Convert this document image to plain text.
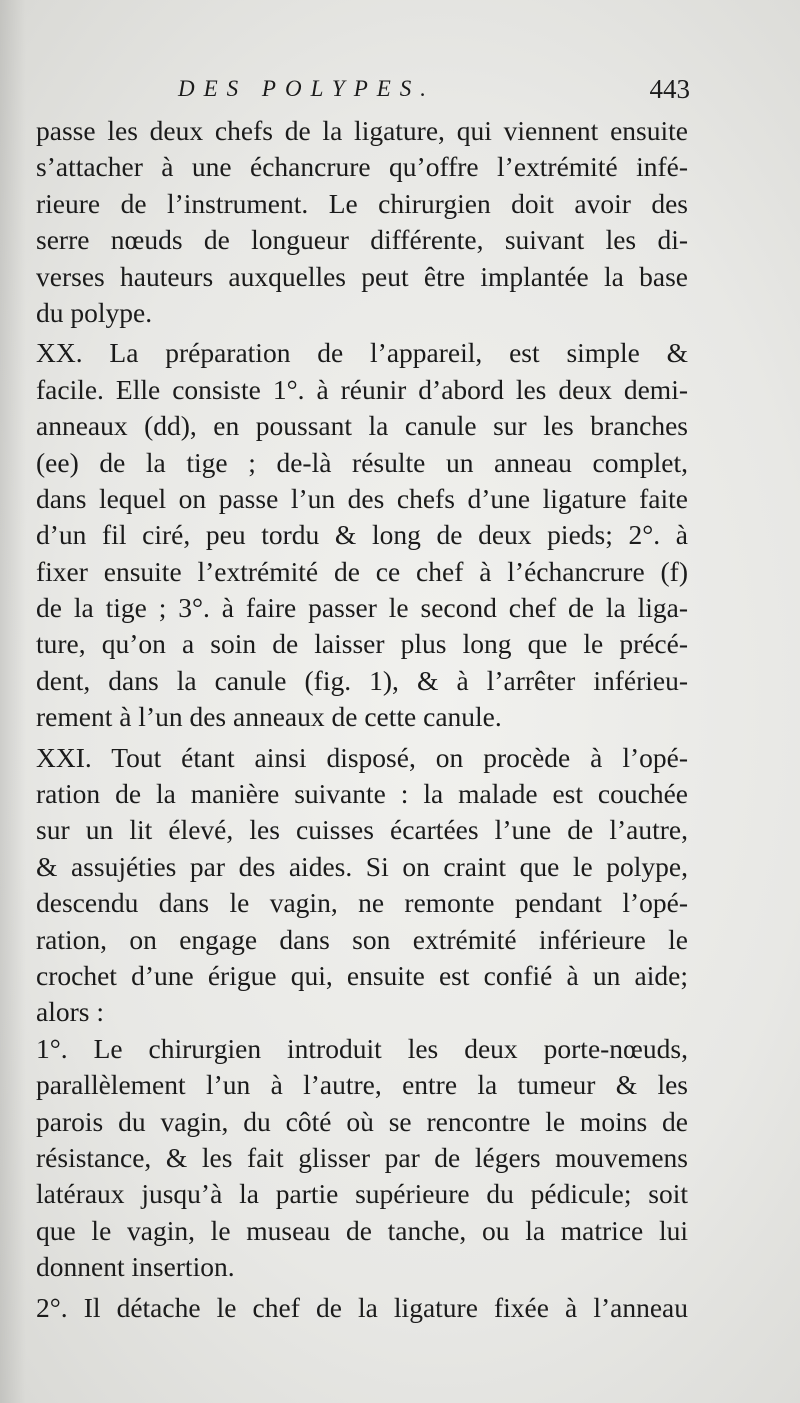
DES POLYPES.	443
passe les deux chefs de la ligature, qui viennent ensuite
s’attacher à une échancrure qu’offre l’extrémité infé-
rieure de l’instrument. Le chirurgien doit avoir des
serre nœuds de longueur différente, suivant les di-
verses hauteurs auxquelles peut être implantée la base
du polype.
XX. La préparation de l’appareil, est simple &
facile. Elle consiste 1°. à réunir d’abord les deux demi-
anneaux (dd), en poussant la canule sur les branches
(ee) de la tige ; de-là résulte un anneau complet,
dans lequel on passe l’un des chefs d’une ligature faite
d’un fil ciré, peu tordu & long de deux pieds; 2°. à
fixer ensuite l’extrémité de ce chef à l’échancrure (f)
de la tige ; 3°. à faire passer le second chef de la liga-
ture, qu’on a soin de laisser plus long que le précé-
dent, dans la canule (fig. 1), & à l’arrêter inférieu-
rement à l’un des anneaux de cette canule.
XXI. Tout étant ainsi disposé, on procède à l’opé-
ration de la manière suivante : la malade est couchée
sur un lit élevé, les cuisses écartées l’une de l’autre,
& assujéties par des aides. Si on craint que le polype,
descendu dans le vagin, ne remonte pendant l’opé-
ration, on engage dans son extrémité inférieure le
crochet d’une érigue qui, ensuite est confié à un aide;
alors :
1°. Le chirurgien introduit les deux porte-nœuds,
parallèlement l’un à l’autre, entre la tumeur & les
parois du vagin, du côté où se rencontre le moins de
résistance, & les fait glisser par de légers mouvemens
latéraux jusqu’à la partie supérieure du pédicule; soit
que le vagin, le museau de tanche, ou la matrice lui
donnent insertion.
2°. Il détache le chef de la ligature fixée à l’anneau
